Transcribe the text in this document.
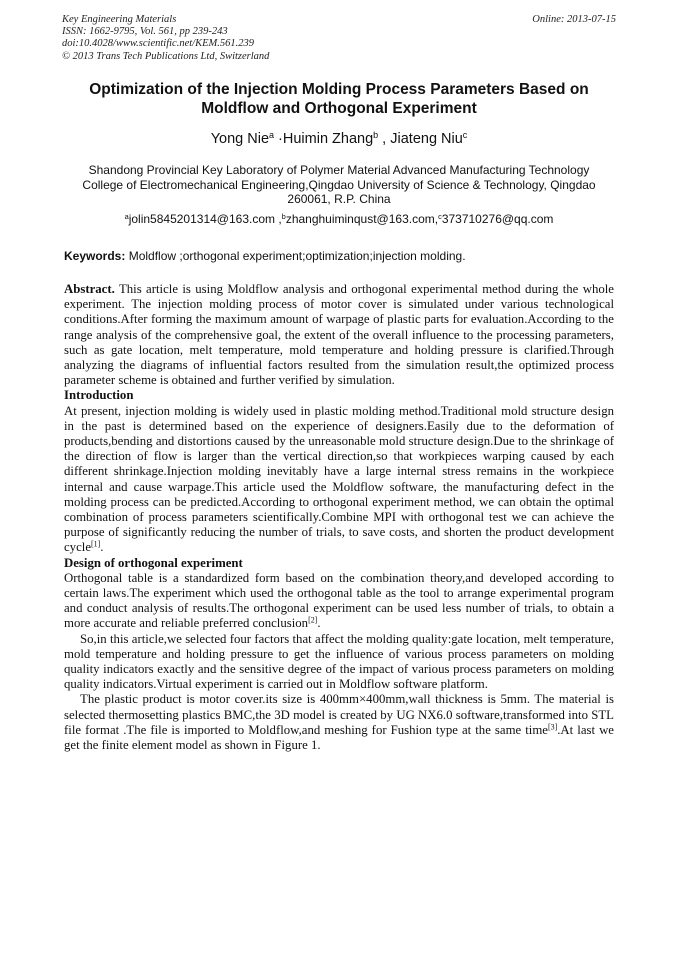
Key Engineering Materials
ISSN: 1662-9795, Vol. 561, pp 239-243
doi:10.4028/www.scientific.net/KEM.561.239
© 2013 Trans Tech Publications Ltd, Switzerland
Online: 2013-07-15
Optimization of the Injection Molding Process Parameters Based on Moldflow and Orthogonal Experiment
Yong Nie$^a$ ·Huimin Zhang$^b$ , Jiateng Niu$^c$
Shandong Provincial Key Laboratory of Polymer Material Advanced Manufacturing Technology
College of Electromechanical Engineering,Qingdao University of Science & Technology, Qingdao
260061, R.P. China
$^a$jolin5845201314@163.com ,$^b$zhanghuiminqust@163.com,$^c$373710276@qq.com
Keywords: Moldflow ;orthogonal experiment;optimization;injection molding.

Abstract. This article is using Moldflow analysis and orthogonal experimental method during the whole experiment. The injection molding process of motor cover is simulated under various technological conditions.After forming the maximum amount of warpage of plastic parts for evaluation.According to the range analysis of the comprehensive goal, the extent of the overall influence to the processing parameters, such as gate location, melt temperature, mold temperature and holding pressure is clarified.Through analyzing the diagrams of influential factors resulted from the simulation result,the optimized process parameter scheme is obtained and further verified by simulation.

Introduction

At present, injection molding is widely used in plastic molding method.Traditional mold structure design in the past is determined based on the experience of designers.Easily due to the deformation of products,bending and distortions caused by the unreasonable mold structure design.Due to the shrinkage of the direction of flow is larger than the vertical direction,so that workpieces warping caused by each different shrinkage.Injection molding inevitably have a large internal stress remains in the workpiece internal and cause warpage.This article used the Moldflow software, the manufacturing defect in the molding process can be predicted.According to orthogonal experiment method, we can obtain the optimal combination of process parameters scientifically.Combine MPI with orthogonal test we can achieve the purpose of significantly reducing the number of trials, to save costs, and shorten the product development cycle[1].

Design of orthogonal experiment

Orthogonal table is a standardized form based on the combination theory,and developed according to certain laws.The experiment which used the orthogonal table as the tool to arrange experimental program and conduct analysis of results.The orthogonal experiment can be used less number of trials, to obtain a more accurate and reliable preferred conclusion[2].

So,in this article,we selected four factors that affect the molding quality:gate location, melt temperature, mold temperature and holding pressure to get the influence of various process parameters on molding quality indicators exactly and the sensitive degree of the impact of various process parameters on molding quality indicators.Virtual experiment is carried out in Moldflow software platform.

The plastic product is motor cover.its size is 400mm×400mm,wall thickness is 5mm. The material is selected thermosetting plastics BMC,the 3D model is created by UG NX6.0 software,transformed into STL file format .The file is imported to Moldflow,and meshing for Fushion type at the same time[3].At last we get the finite element model as shown in Figure 1.
